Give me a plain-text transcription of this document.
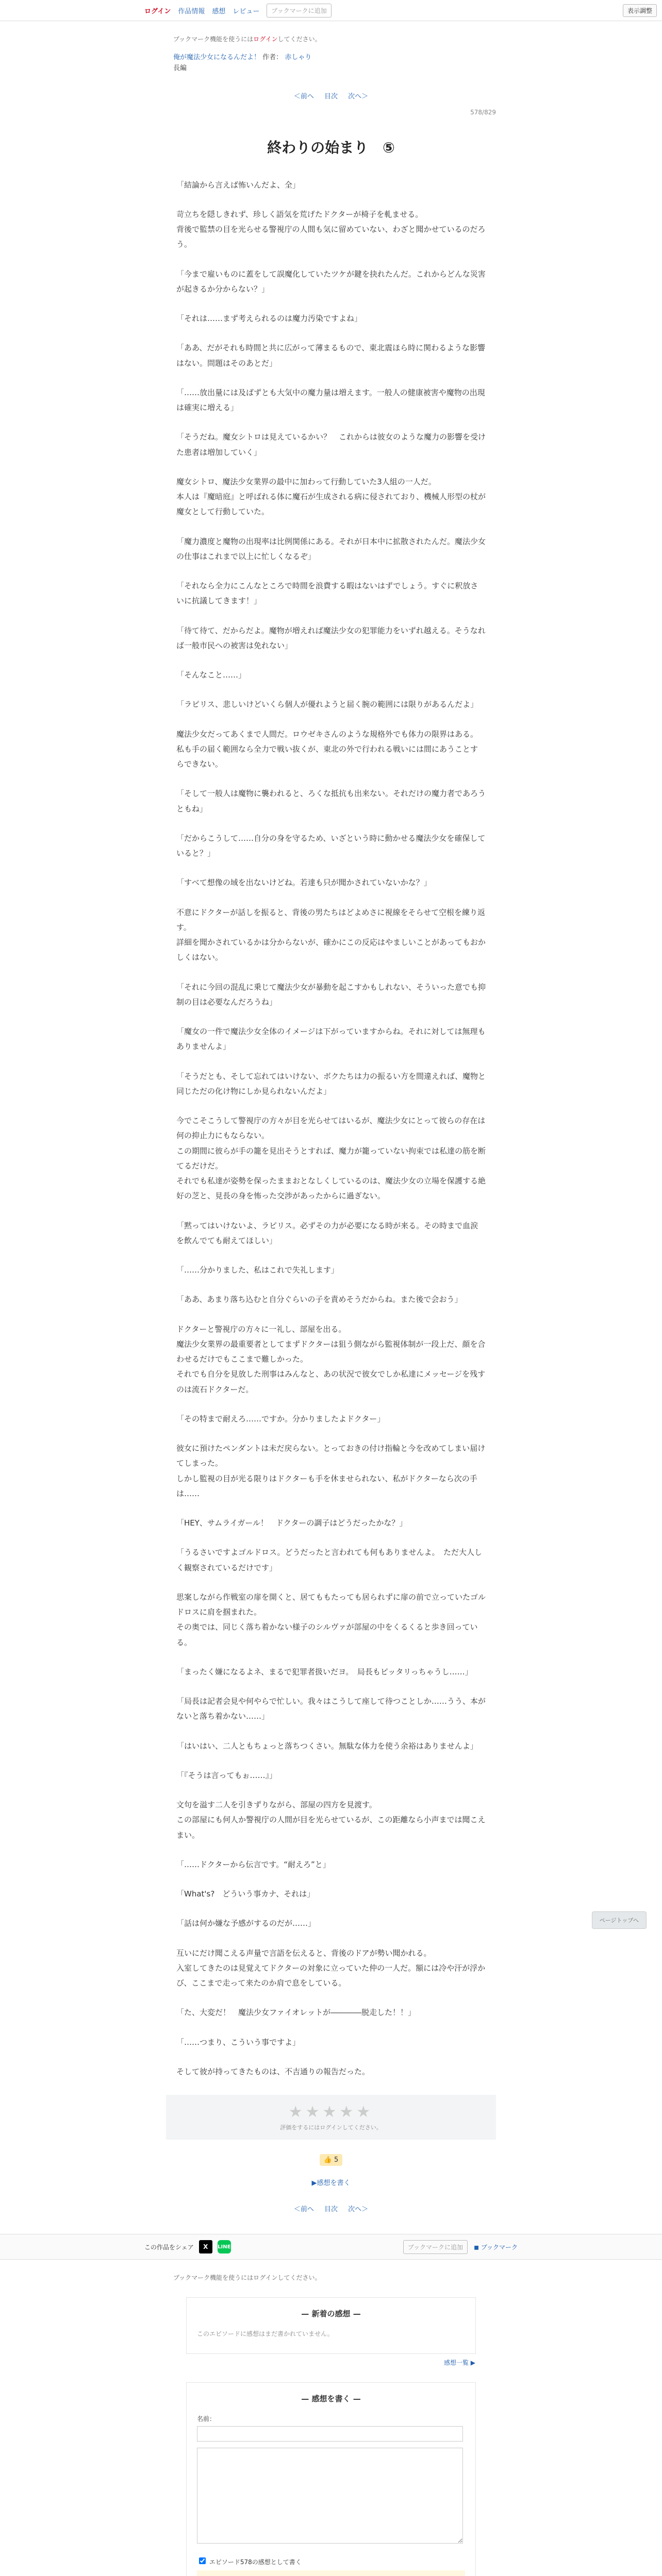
ログイン 作品情報 感想 レビュー	ブックマークに追加	表示調整
ブックマーク機能を使うにはログインしてください。
俺が魔法少女になるんだよ！ 作者： 赤しゃり
長編
＜前へ 目次 次へ＞
578/829
終わりの始まり　⑤

「結論から言えば怖いんだよ、全」

苛立ちを隠しきれず、珍しく語気を荒げたドクターが椅子を軋ませる。
背後で監禁の目を光らせる警視庁の人間も気に留めていない、わざと聞かせているのだろう。

「今まで雇いものに蓋をして誤魔化していたツケが鍵を抉れたんだ。これからどんな災害が起きるか分からない？」

「それは……まず考えられるのは魔力汚染ですよね」

「ああ、だがそれも時間と共に広がって薄まるもので、東北震ほら時に関わるような影響はない。問題はそのあとだ」

「……放出量には及ばずとも大気中の魔力量は増えます。一般人の健康被害や魔物の出現は確実に増える」

「そうだね。魔女シトロは見えているかい？　これからは彼女のような魔力の影響を受けた患者は増加していく」

魔女シトロ、魔法少女業界の最中に加わって行動していた3人組の一人だ。
本人は『魔暗庭』と呼ばれる体に魔石が生成される病に侵されており、機械人形型の杖が魔女として行動していた。

「魔力濃度と魔物の出現率は比例関係にある。それが日本中に拡散されたんだ。魔法少女の仕事はこれまで以上に忙しくなるぞ」

「それなら全力にこんなところで時間を浪費する暇はないはずでしょう。すぐに釈放さいに抗議してきます！」

「待て待て、だからだよ。魔物が増えれば魔法少女の犯罪能力をいずれ越える。そうなれば一般市民への被害は免れない」

「そんなこと……」

「ラピリス、悲しいけどいくら個人が優れようと届く腕の範囲には限りがあるんだよ」

魔法少女だってあくまで人間だ。ロウゼキさんのような規格外でも体力の限界はある。
私も手の届く範囲なら全力で戦い抜くが、東北の外で行われる戦いには間にあうことすらできない。

「そして一般人は魔物に襲われると、ろくな抵抗も出来ない。それだけの魔力者であろうともね」

「だからこうして……自分の身を守るため、いざという時に動かせる魔法少女を確保していると？」

「すべて想像の域を出ないけどね。若達も只が聞かされていないかな？」

不意にドクターが話しを振ると、背後の男たちはどよめさに視線をそらせて空根を練り返す。
詳細を聞かされているかは分からないが、確かにこの反応はやましいことがあってもおかしくはない。

「それに今回の混乱に乗じて魔法少女が暴動を起こすかもしれない、そういった意でも抑制の目は必要なんだろうね」

「魔女の一件で魔法少女全体のイメージは下がっていますからね。それに対しては無理もありませんよ」

「そうだとも、そして忘れてはいけない、ボクたちは力の振るい方を間違えれば、魔物と同じただの化け物にしか見られないんだよ」

今でこそこうして警視庁の方々が目を光らせてはいるが、魔法少女にとって彼らの存在は何の抑止力にもならない。
この期間に彼らが手の籠を見出そうとすれば、魔力が籠っていない拘束では私達の筋を断てるだけだ。
それでも私達が姿勢を保ったままおとなしくしているのは、魔法少女の立場を保護する絶好の芝と、見長の身を怖った交渉があったからに過ぎない。

「黙ってはいけないよ、ラピリス。必ずその力が必要になる時が来る。その時まで血涙を飲んでても耐えてほしい」

「……分かりました、私はこれで失礼します」

「ああ、あまり落ち込むと自分ぐらいの子を責めそうだからね。また後で会おう」

ドクターと警視庁の方々に一礼し、部屋を出る。
魔法少女業界の最重要者としてまずドクターは狙う側ながら監視体制が一段上だ、顔を合わせるだけでもここまで難しかった。
それでも自分を見放した刑事はみんなと、あの状況で彼女でしか私達にメッセージを残すのは流石ドクターだ。

「その特まで耐えろ……ですか。分かりましたよドクター」

彼女に預けたペンダントは未だ戻らない。とっておきの付け指輪と今を改めてしまい届けてしまった。
しかし監視の目が光る限りはドクターも手を休ませられない、私がドクターなら次の手は……

「HEY、サムライガール！　ドクターの調子はどうだったかな？」

「うるさいですよゴルドロス。どうだったと言われても何もありませんよ。　ただ大人しく観察されているだけです」

思案しながら作戦室の扉を開くと、居てももたっても居られずに扉の前で立っていたゴルドロスに肩を掴まれた。
その奥では、同じく落ち着かない様子のシルヴァが部屋の中をくるくると歩き回っている。

「まったく嫌になるよネ、まるで犯罪者扱いだヨ。　局長もピッタリっちゃうし……」

「局長は記者会見や何やらで忙しい。我々はこうして座して待つことしか……うう、本がないと落ち着かない……」

「はいはい、二人ともちょっと落ちつくさい。無駄な体力を使う余裕はありませんよ」

「『そうは言ってもぉ……』」

文句を溢す二人を引きずりながら、部屋の四方を見渡す。
この部屋にも何人か警視庁の人間が目を光らせているが、この距離なら小声までは聞こえまい。

「……ドクターから伝言です。“耐えろ”と」

「What's?　どういう事カナ、それは」

「話は何か嫌な予感がするのだが……」

互いにだけ聞こえる声量で言語を伝えると、背後のドアが勢い聞かれる。
入室してきたのは見覚えてドクターの対象に立っていた仲の一人だ。額には冷や汗が浮かび、ここまで走って来たのか肩で息をしている。

「た、大変だ！　魔法少女ファイオレットが――――脱走した！！」

「……つまり、こういう事ですよ」

そして彼が持ってきたものは、不吉通りの報告だった。

★★★★★
評価をするにはログインしてください。
👍 5
▶感想を書く
＜前へ 目次 次へ＞
この作品をシェア	X	LINE	ブックマークに追加	◼ ブックマーク
ブックマーク機能を使うにはログインしてください。
— 新着の感想 —
このエピソードに感想はまだ書かれていません。
感想一覧 ▶
— 感想を書く —
名前：

エピソード578の感想として書く

ページトップへ
